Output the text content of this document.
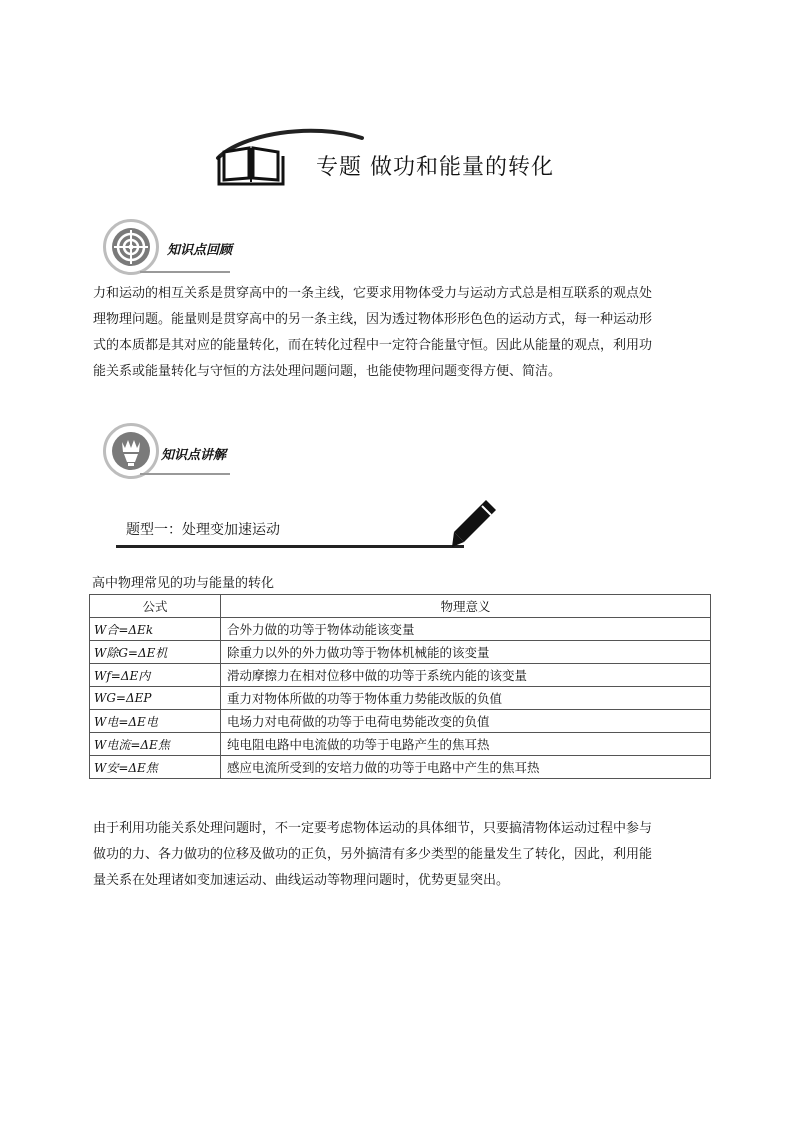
专题 做功和能量的转化
知识点回顾
力和运动的相互关系是贯穿高中的一条主线，它要求用物体受力与运动方式总是相互联系的观点处
理物理问题。能量则是贯穿高中的另一条主线，因为透过物体形形色色的运动方式，每一种运动形
式的本质都是其对应的能量转化，而在转化过程中一定符合能量守恒。因此从能量的观点，利用功
能关系或能量转化与守恒的方法处理问题问题，也能使物理问题变得方便、简洁。
知识点讲解
题型一：处理变加速运动
高中物理常见的功与能量的转化
公式	物理意义
W合=ΔEk	合外力做的功等于物体动能该变量
W除G=ΔE机	除重力以外的外力做功等于物体机械能的该变量
Wf=ΔE内	滑动摩擦力在相对位移中做的功等于系统内能的该变量
WG=ΔEP	重力对物体所做的功等于物体重力势能改版的负值
W电=ΔE电	电场力对电荷做的功等于电荷电势能改变的负值
W电流=ΔE焦	纯电阻电路中电流做的功等于电路产生的焦耳热
W安=ΔE焦	感应电流所受到的安培力做的功等于电路中产生的焦耳热
由于利用功能关系处理问题时，不一定要考虑物体运动的具体细节，只要搞清物体运动过程中参与
做功的力、各力做功的位移及做功的正负，另外搞清有多少类型的能量发生了转化，因此，利用能
量关系在处理诸如变加速运动、曲线运动等物理问题时，优势更显突出。
